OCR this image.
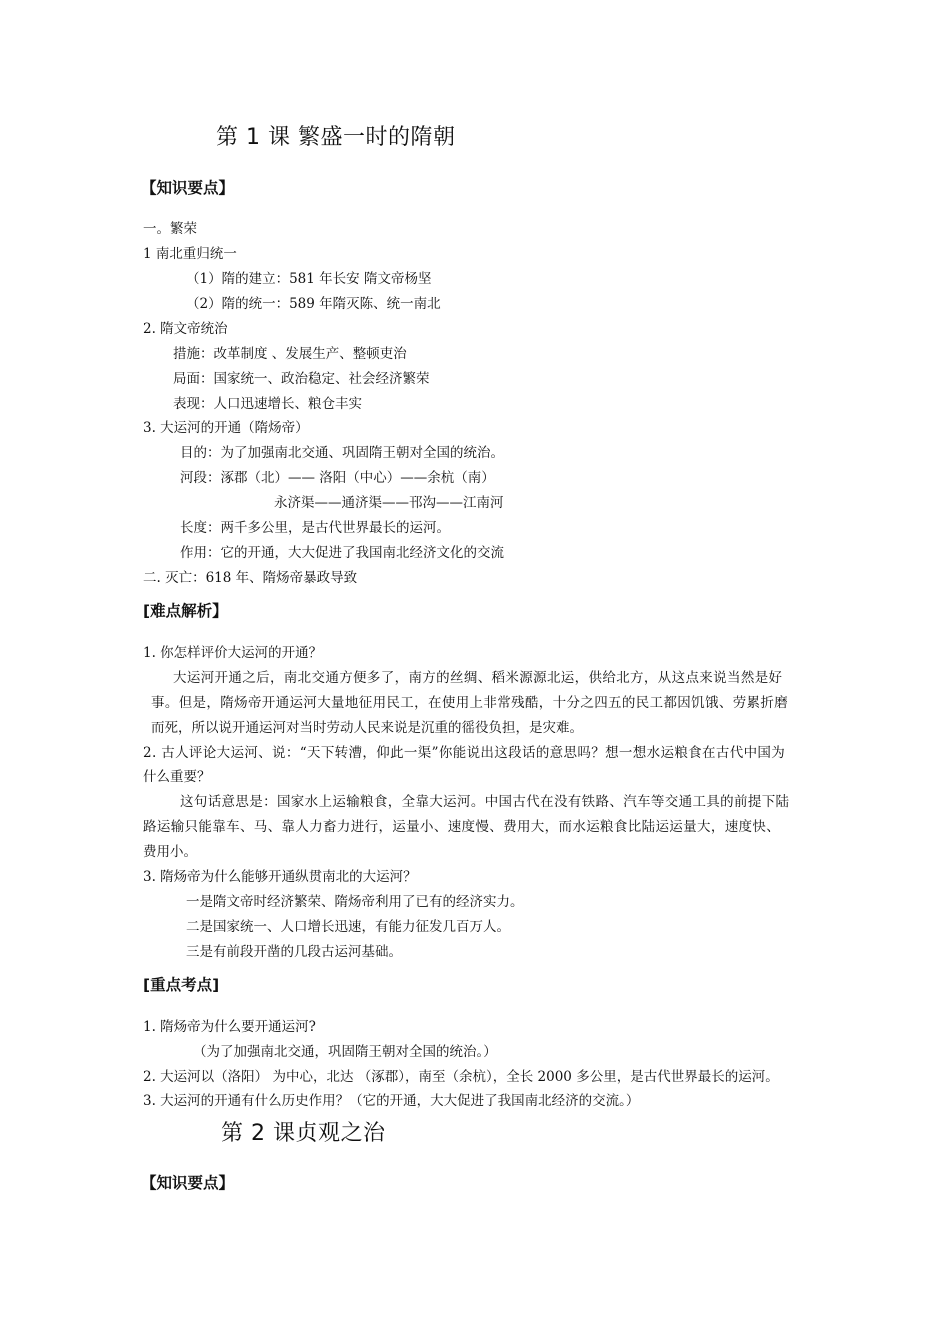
第 1 课 繁盛一时的隋朝
【知识要点】
一。繁荣
1 南北重归统一
（1）隋的建立：581 年长安 隋文帝杨坚
（2）隋的统一：589 年隋灭陈、统一南北
2. 隋文帝统治
措施：改革制度 、发展生产、整顿吏治
局面：国家统一、政治稳定、社会经济繁荣
表现：人口迅速增长、粮仓丰实
3. 大运河的开通（隋炀帝）
目的：为了加强南北交通、巩固隋王朝对全国的统治。
河段：涿郡（北）—— 洛阳（中心）——余杭（南）
永济渠——通济渠——邗沟——江南河
长度：两千多公里，是古代世界最长的运河。
作用：它的开通，大大促进了我国南北经济文化的交流
二. 灭亡：618 年、隋炀帝暴政导致
[难点解析】
1. 你怎样评价大运河的开通？
大运河开通之后，南北交通方便多了，南方的丝绸、稻米源源北运，供给北方，从这点来说当然是好
事。但是，隋炀帝开通运河大量地征用民工，在使用上非常残酷，十分之四五的民工都因饥饿、劳累折磨
而死，所以说开通运河对当时劳动人民来说是沉重的徭役负担，是灾难。
2. 古人评论大运河、说：“天下转漕，仰此一渠”你能说出这段话的意思吗？想一想水运粮食在古代中国为
什么重要？
这句话意思是：国家水上运输粮食，全靠大运河。中国古代在没有铁路、汽车等交通工具的前提下陆
路运输只能靠车、马、靠人力畜力进行，运量小、速度慢、费用大，而水运粮食比陆运运量大，速度快、
费用小。
3. 隋炀帝为什么能够开通纵贯南北的大运河？
一是隋文帝时经济繁荣、隋炀帝利用了已有的经济实力。
二是国家统一、人口增长迅速，有能力征发几百万人。
三是有前段开凿的几段古运河基础。
[重点考点]
1. 隋炀帝为什么要开通运河?
（为了加强南北交通，巩固隋王朝对全国的统治。）
2. 大运河以（洛阳） 为中心，北达 （涿郡），南至（余杭），全长 2000 多公里，是古代世界最长的运河。
3. 大运河的开通有什么历史作用？（它的开通，大大促进了我国南北经济的交流。）
第 2 课贞观之治
【知识要点】
